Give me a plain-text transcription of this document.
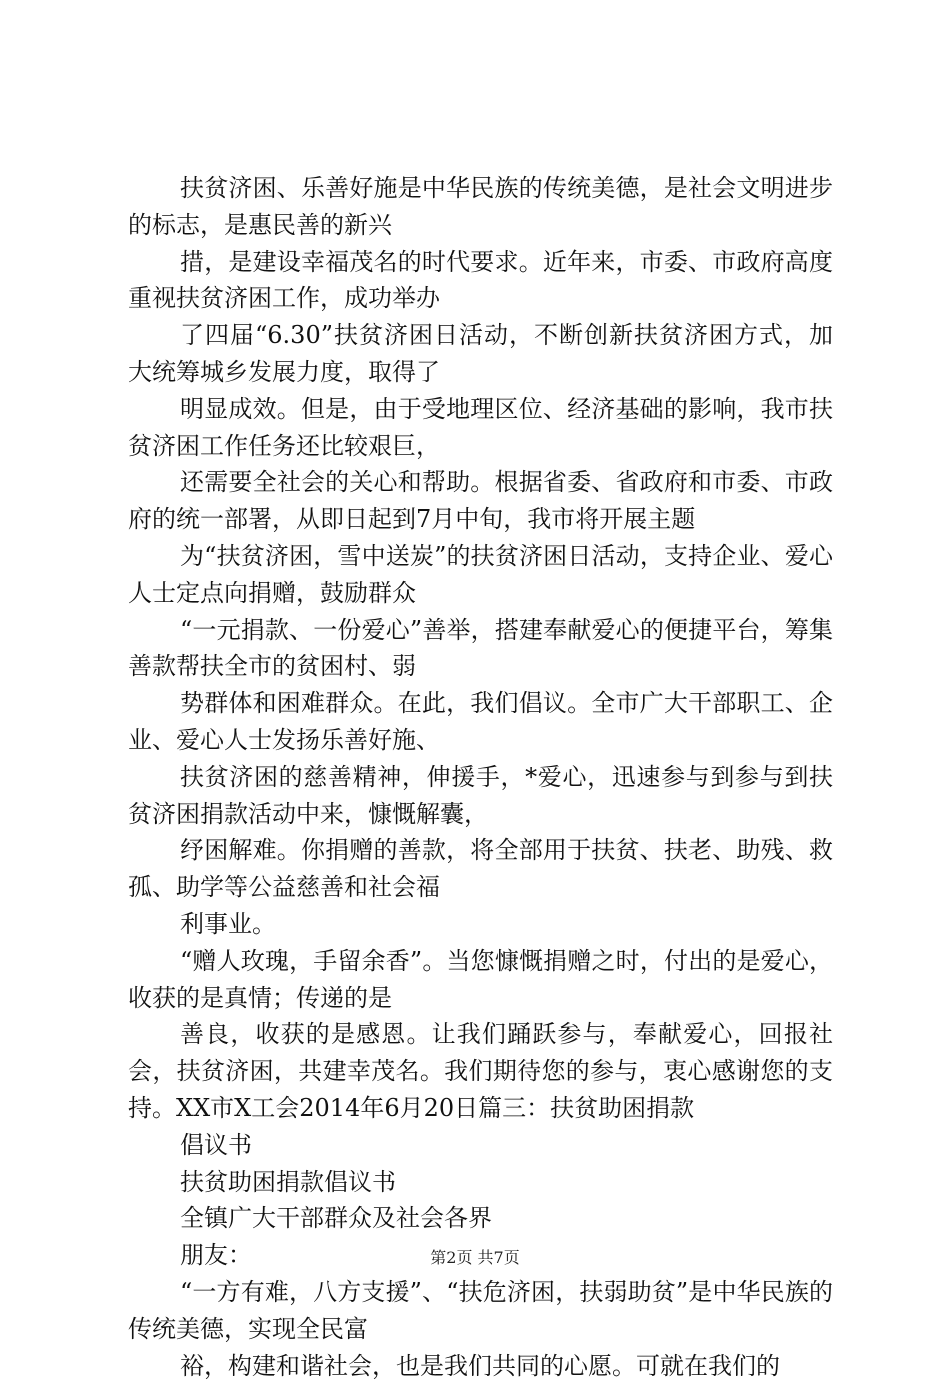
扶贫济困、乐善好施是中华民族的传统美德，是社会文明进步的标志，是惠民善的新兴

措，是建设幸福茂名的时代要求。近年来，市委、市政府高度重视扶贫济困工作，成功举办

了四届“6.30”扶贫济困日活动，不断创新扶贫济困方式，加大统筹城乡发展力度，取得了

明显成效。但是，由于受地理区位、经济基础的影响，我市扶贫济困工作任务还比较艰巨，

还需要全社会的关心和帮助。根据省委、省政府和市委、市政府的统一部署，从即日起到7月中旬，我市将开展主题

为“扶贫济困，雪中送炭”的扶贫济困日活动，支持企业、爱心人士定点向捐赠，鼓励群众

“一元捐款、一份爱心”善举，搭建奉献爱心的便捷平台，筹集善款帮扶全市的贫困村、弱

势群体和困难群众。在此，我们倡议。全市广大干部职工、企业、爱心人士发扬乐善好施、

扶贫济困的慈善精神，伸援手，*爱心，迅速参与到参与到扶贫济困捐款活动中来，慷慨解囊，

纾困解难。你捐赠的善款，将全部用于扶贫、扶老、助残、救孤、助学等公益慈善和社会福

利事业。

“赠人玫瑰，手留余香”。当您慷慨捐赠之时，付出的是爱心，收获的是真情；传递的是

善良，收获的是感恩。让我们踊跃参与，奉献爱心，回报社会，扶贫济困，共建幸茂名。我们期待您的参与，衷心感谢您的支持。XX市X工会2014年6月20日篇三：扶贫助困捐款

倡议书

扶贫助困捐款倡议书

全镇广大干部群众及社会各界

朋友：

“一方有难，八方支援”、“扶危济困，扶弱助贫”是中华民族的传统美德，实现全民富

裕，构建和谐社会，也是我们共同的心愿。可就在我们的

第2页 共7页
